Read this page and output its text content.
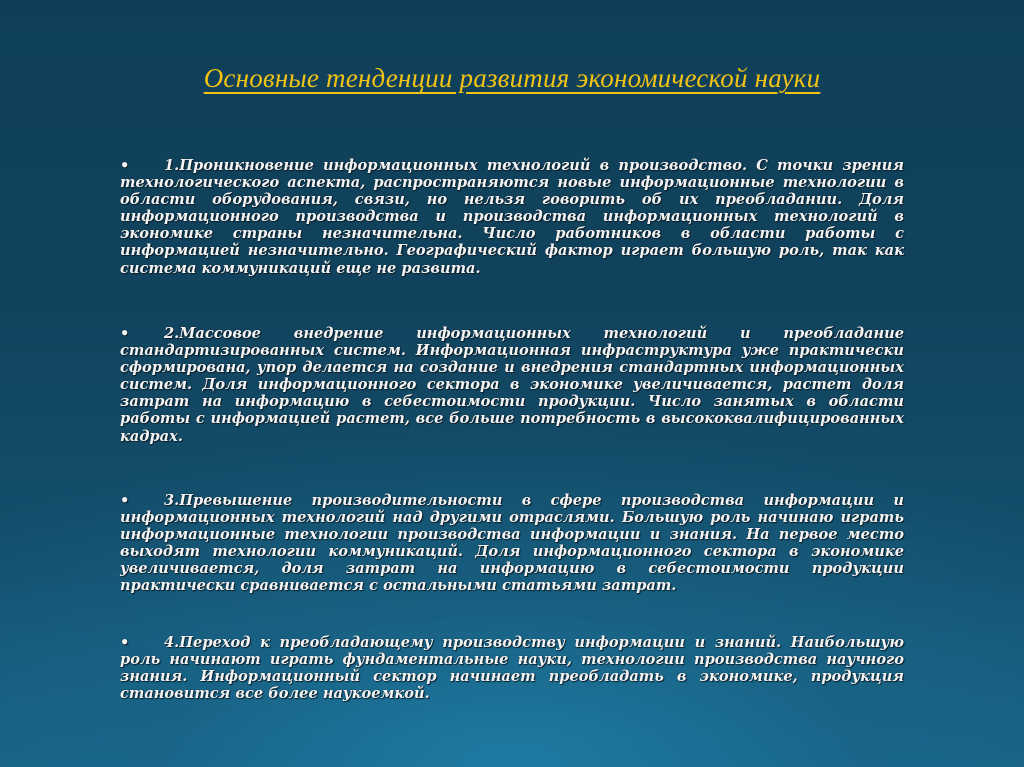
Основные тенденции развития экономической науки

• 1.Проникновение информационных технологий в производство. С точки зрения технологического аспекта, распространяются новые информационные технологии в области оборудования, связи, но нельзя говорить об их преобладании. Доля информационного производства и производства информационных технологий в экономике страны незначительна. Число работников в области работы с информацией незначительно. Географический фактор играет большую роль, так как система коммуникаций еще не развита.

• 2.Массовое внедрение информационных технологий и преобладание стандартизированных систем. Информационная инфраструктура уже практически сформирована, упор делается на создание и внедрения стандартных информационных систем. Доля информационного сектора в экономике увеличивается, растет доля затрат на информацию в себестоимости продукции. Число занятых в области работы с информацией растет, все больше потребность в высококвалифицированных кадрах.

• 3.Превышение производительности в сфере производства информации и информационных технологий над другими отраслями. Большую роль начинаю играть информационные технологии производства информации и знания. На первое место выходят технологии коммуникаций. Доля информационного сектора в экономике увеличивается, доля затрат на информацию в себестоимости продукции практически сравнивается с остальными статьями затрат.

• 4.Переход к преобладающему производству информации и знаний. Наибольшую роль начинают играть фундаментальные науки, технологии производства научного знания. Информационный сектор начинает преобладать в экономике, продукция становится все более наукоемкой.
